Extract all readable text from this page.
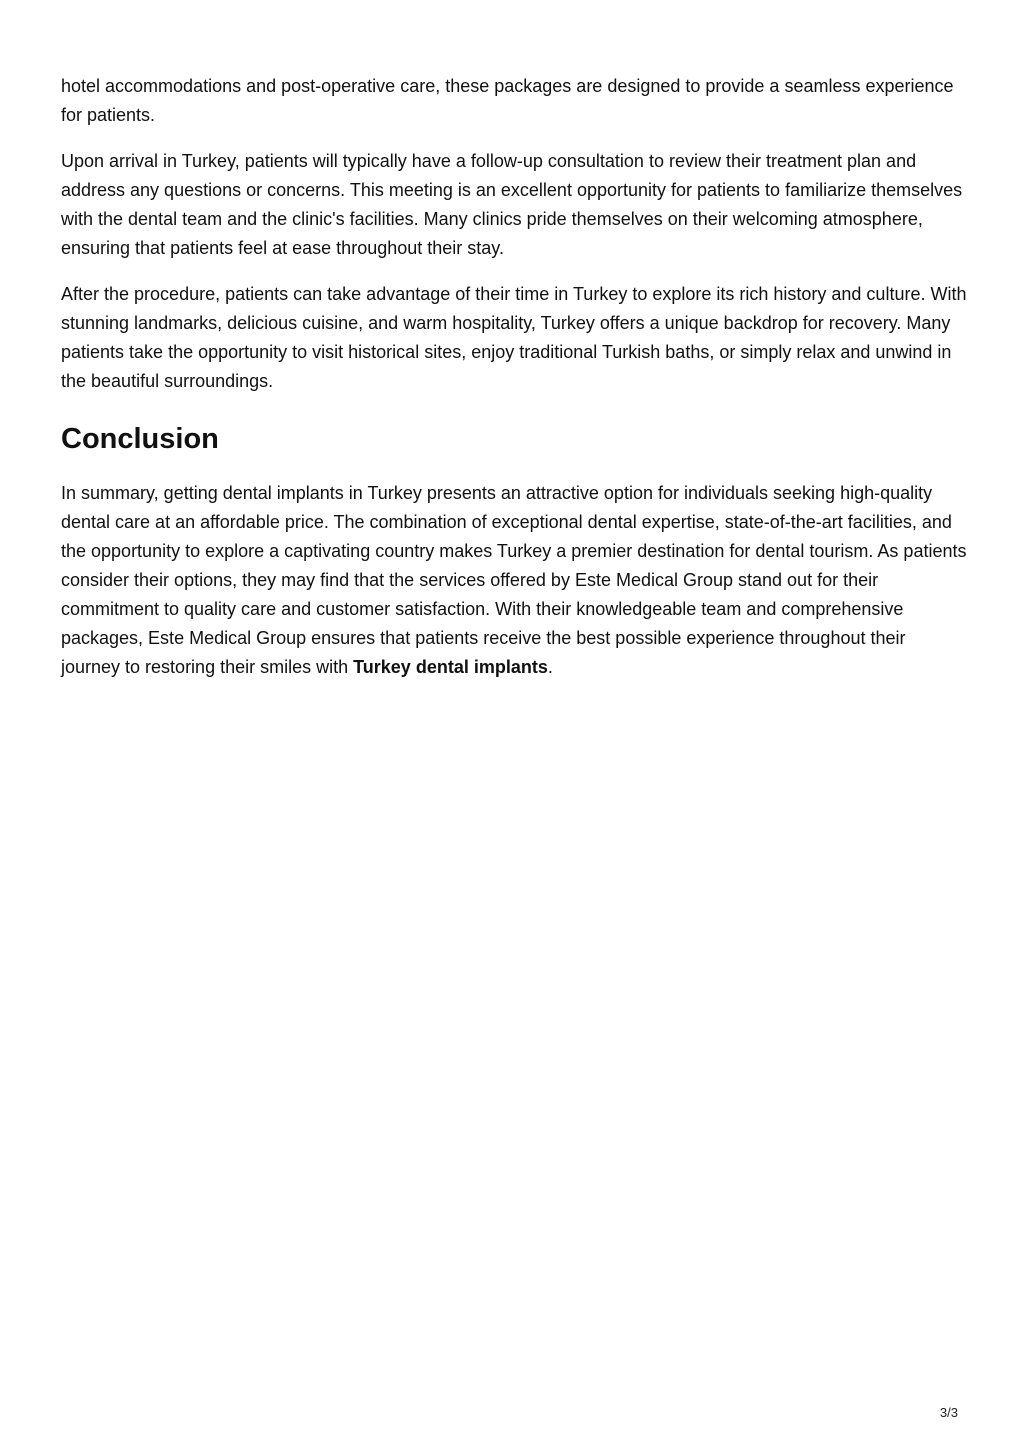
hotel accommodations and post-operative care, these packages are designed to provide a seamless experience for patients.

Upon arrival in Turkey, patients will typically have a follow-up consultation to review their treatment plan and address any questions or concerns. This meeting is an excellent opportunity for patients to familiarize themselves with the dental team and the clinic's facilities. Many clinics pride themselves on their welcoming atmosphere, ensuring that patients feel at ease throughout their stay.

After the procedure, patients can take advantage of their time in Turkey to explore its rich history and culture. With stunning landmarks, delicious cuisine, and warm hospitality, Turkey offers a unique backdrop for recovery. Many patients take the opportunity to visit historical sites, enjoy traditional Turkish baths, or simply relax and unwind in the beautiful surroundings.

Conclusion

In summary, getting dental implants in Turkey presents an attractive option for individuals seeking high-quality dental care at an affordable price. The combination of exceptional dental expertise, state-of-the-art facilities, and the opportunity to explore a captivating country makes Turkey a premier destination for dental tourism. As patients consider their options, they may find that the services offered by Este Medical Group stand out for their commitment to quality care and customer satisfaction. With their knowledgeable team and comprehensive packages, Este Medical Group ensures that patients receive the best possible experience throughout their journey to restoring their smiles with Turkey dental implants.

3/3
